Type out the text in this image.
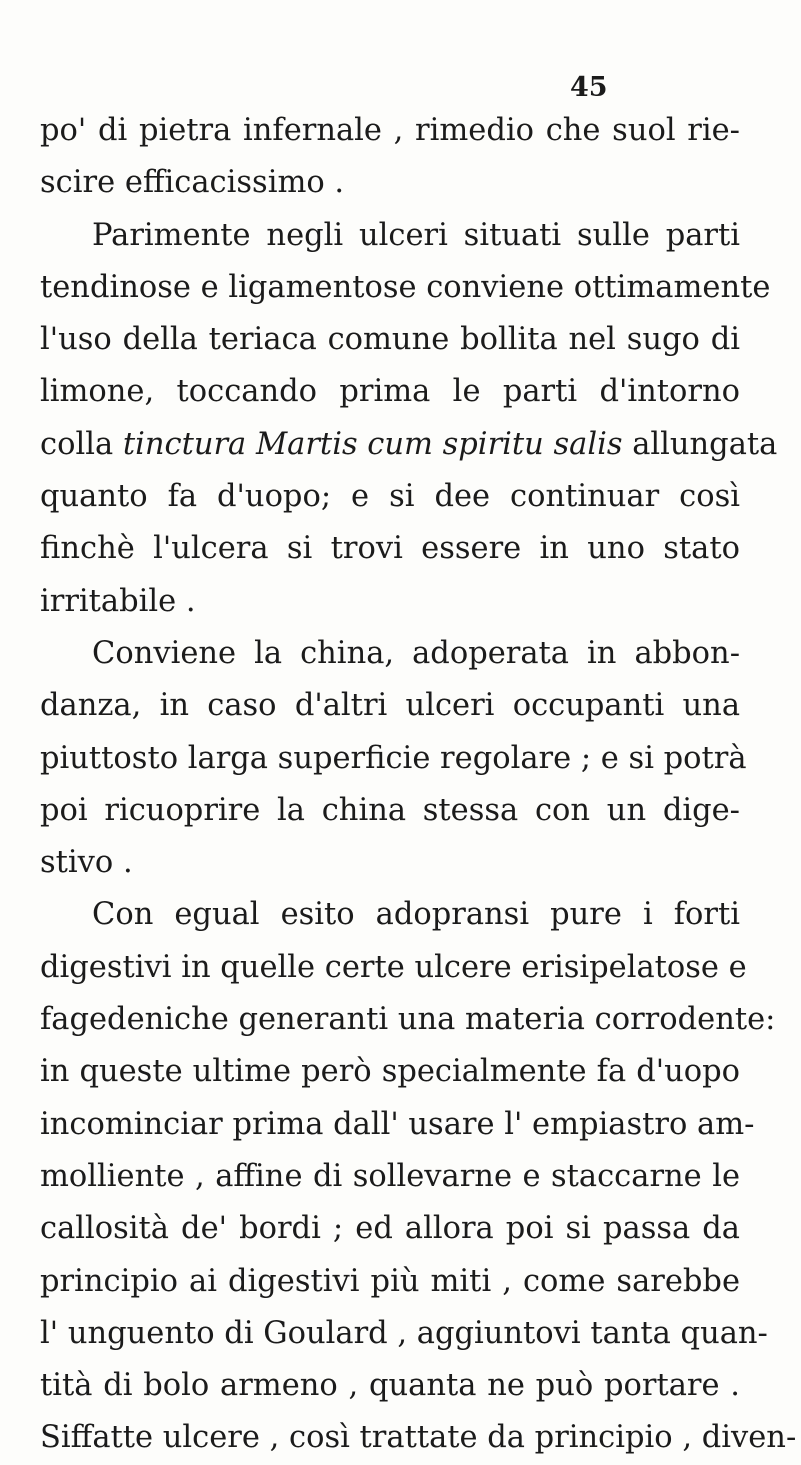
45
po' di pietra infernale , rimedio che suol rie-
scire efficacissimo .
Parimente negli ulceri situati sulle parti
tendinose e ligamentose conviene ottimamente
l'uso della teriaca comune bollita nel sugo di
limone, toccando prima le parti d'intorno
colla tinctura Martis cum spiritu salis allungata
quanto fa d'uopo; e si dee continuar così
finchè l'ulcera si trovi essere in uno stato
irritabile .
Conviene la china, adoperata in abbon-
danza, in caso d'altri ulceri occupanti una
piuttosto larga superficie regolare ; e si potrà
poi ricuoprire la china stessa con un dige-
stivo .
Con egual esito adopransi pure i forti
digestivi in quelle certe ulcere erisipelatose e
fagedeniche generanti una materia corrodente:
in queste ultime però specialmente fa d'uopo
incominciar prima dall' usare l' empiastro am-
molliente , affine di sollevarne e staccarne le
callosità de' bordi ; ed allora poi si passa da
principio ai digestivi più miti , come sarebbe
l' unguento di Goulard , aggiuntovi tanta quan-
tità di bolo armeno , quanta ne può portare .
Siffatte ulcere , così trattate da principio , diven-
